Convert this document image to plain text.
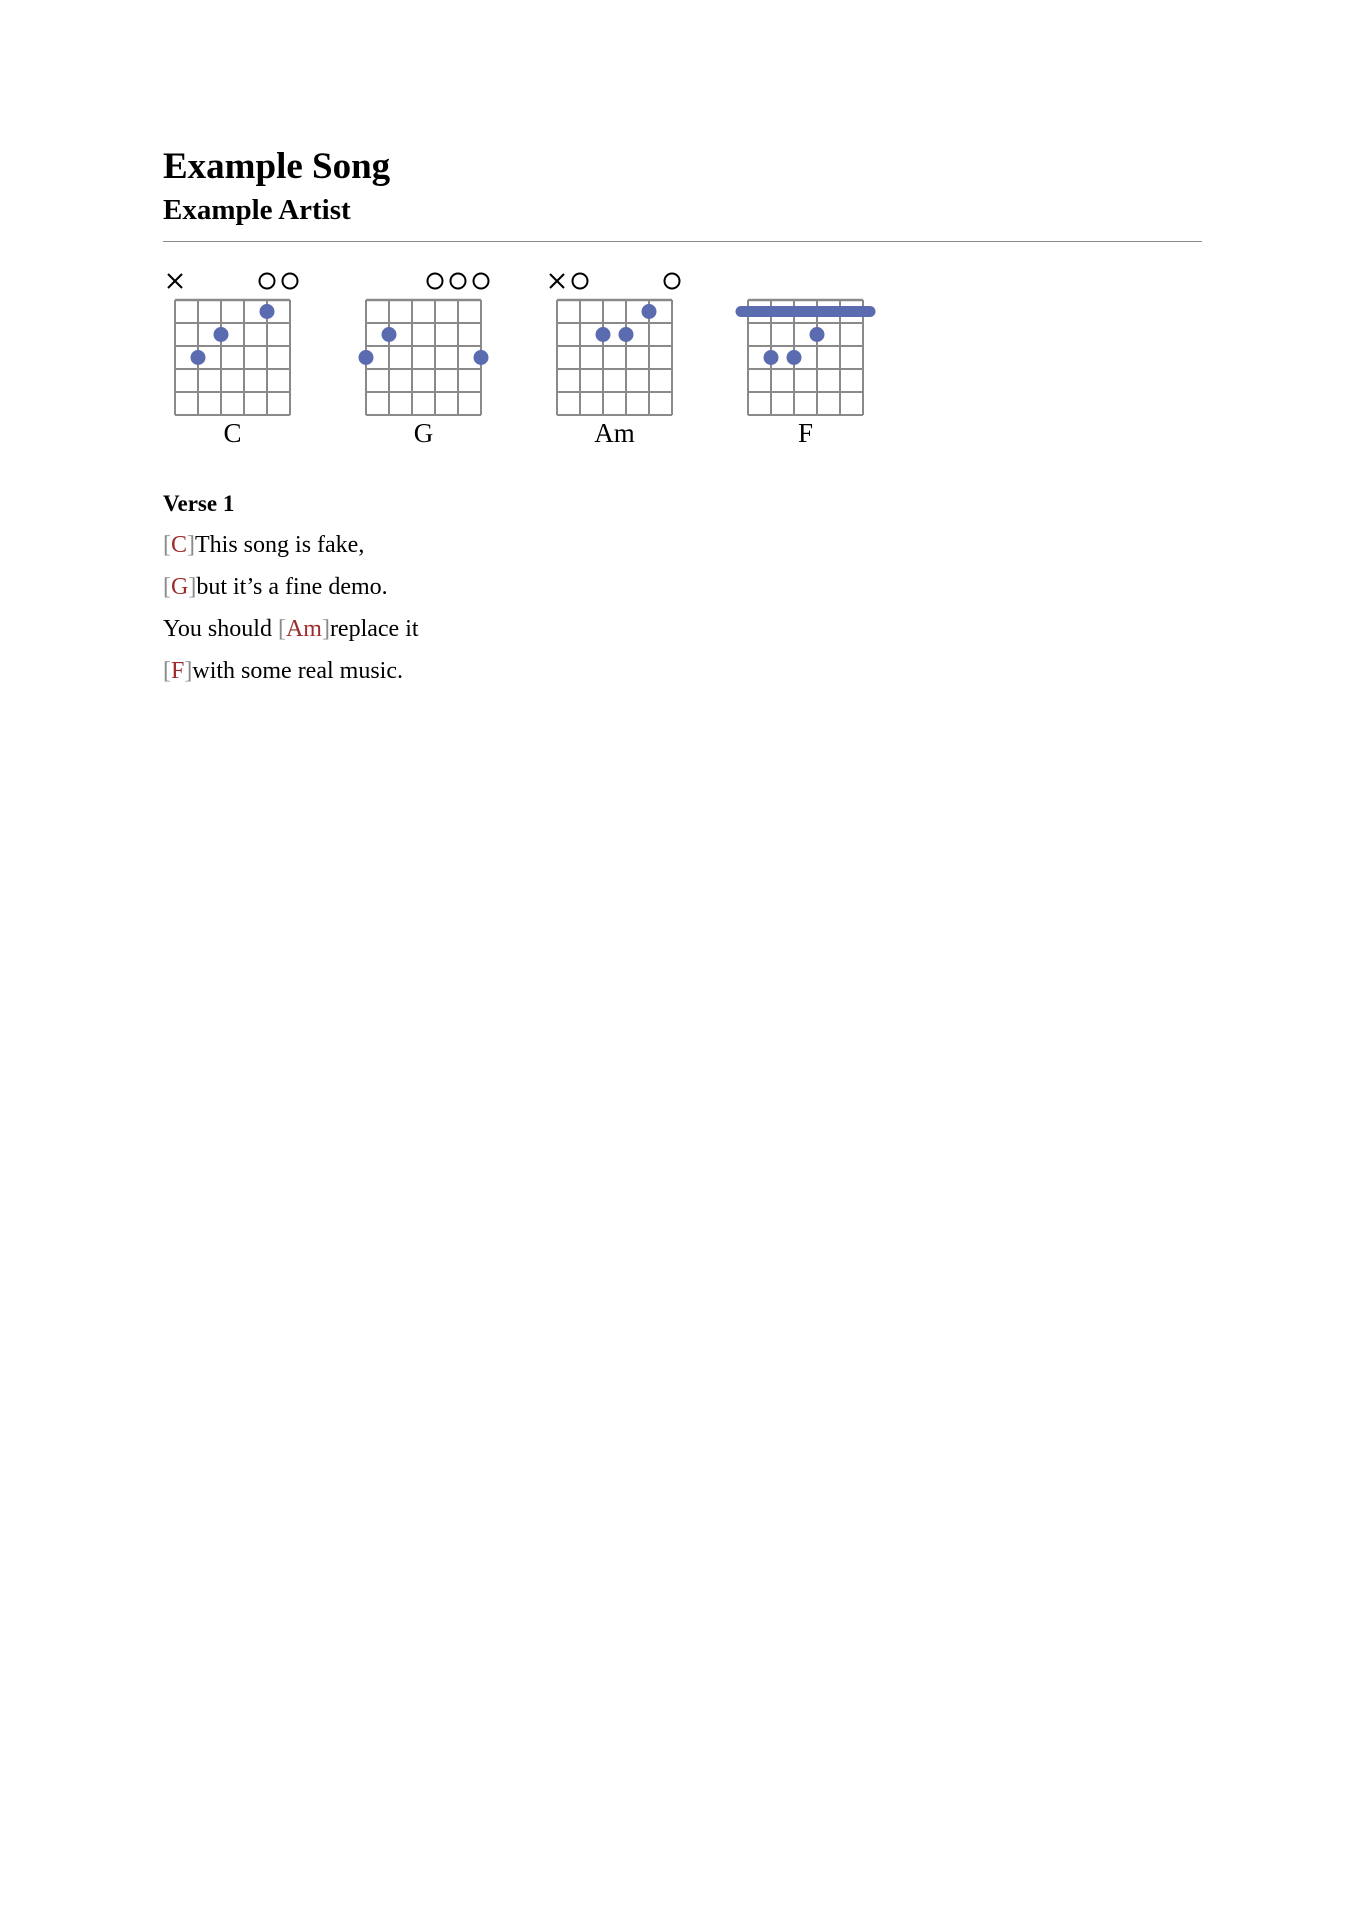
Example Song
Example Artist
C	G	Am	F
Verse 1
[C]This song is fake,
[G]but it’s a fine demo.
You should [Am]replace it
[F]with some real music.
